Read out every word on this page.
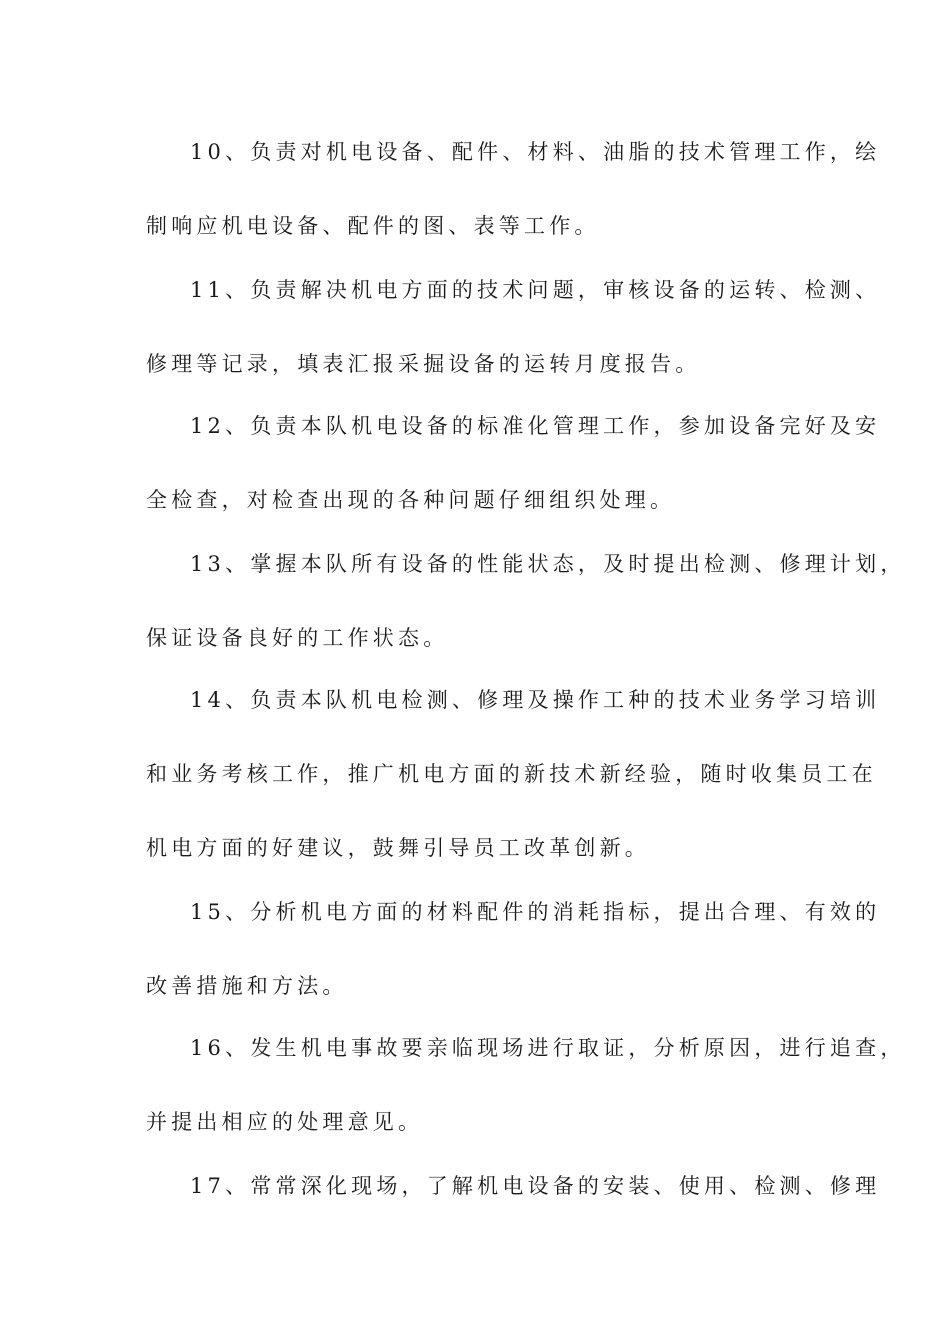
10、负责对机电设备、配件、材料、油脂的技术管理工作，绘
制响应机电设备、配件的图、表等工作。
11、负责解决机电方面的技术问题，审核设备的运转、检测、
修理等记录，填表汇报采掘设备的运转月度报告。
12、负责本队机电设备的标准化管理工作，参加设备完好及安
全检查，对检查出现的各种问题仔细组织处理。
13、掌握本队所有设备的性能状态，及时提出检测、修理计划，
保证设备良好的工作状态。
14、负责本队机电检测、修理及操作工种的技术业务学习培训
和业务考核工作，推广机电方面的新技术新经验，随时收集员工在
机电方面的好建议，鼓舞引导员工改革创新。
15、分析机电方面的材料配件的消耗指标，提出合理、有效的
改善措施和方法。
16、发生机电事故要亲临现场进行取证，分析原因，进行追查，
并提出相应的处理意见。
17、常常深化现场，了解机电设备的安装、使用、检测、修理
